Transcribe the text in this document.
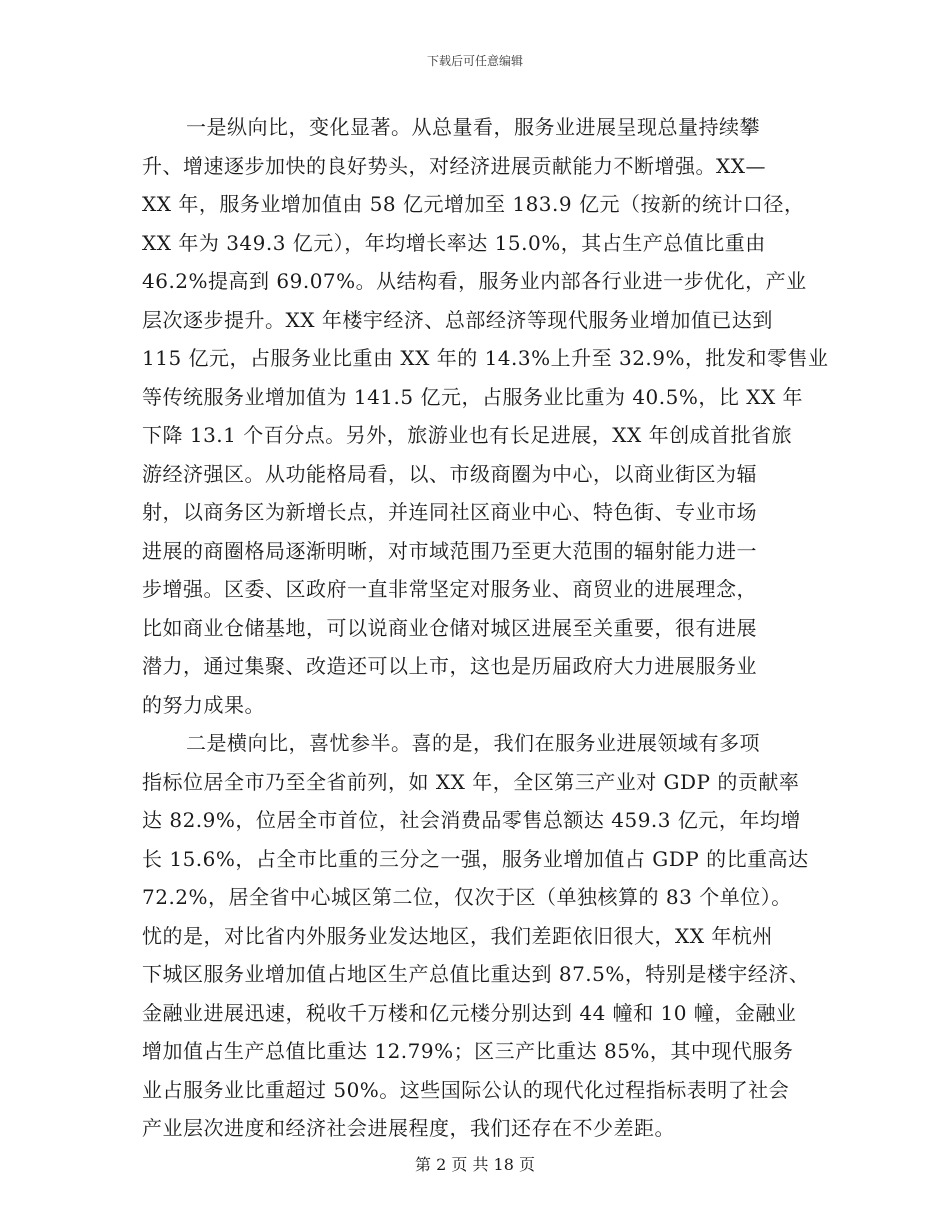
下载后可任意编辑
一是纵向比，变化显著。从总量看，服务业进展呈现总量持续攀
升、增速逐步加快的良好势头，对经济进展贡献能力不断增强。XX—
XX 年，服务业增加值由 58 亿元增加至 183.9 亿元（按新的统计口径，
XX 年为 349.3 亿元），年均增长率达 15.0%，其占生产总值比重由
46.2%提高到 69.07%。从结构看，服务业内部各行业进一步优化，产业
层次逐步提升。XX 年楼宇经济、总部经济等现代服务业增加值已达到
115 亿元，占服务业比重由 XX 年的 14.3%上升至 32.9%，批发和零售业
等传统服务业增加值为 141.5 亿元，占服务业比重为 40.5%，比 XX 年
下降 13.1 个百分点。另外，旅游业也有长足进展，XX 年创成首批省旅
游经济强区。从功能格局看，以、市级商圈为中心，以商业街区为辐
射，以商务区为新增长点，并连同社区商业中心、特色街、专业市场
进展的商圈格局逐渐明晰，对市域范围乃至更大范围的辐射能力进一
步增强。区委、区政府一直非常坚定对服务业、商贸业的进展理念，
比如商业仓储基地，可以说商业仓储对城区进展至关重要，很有进展
潜力，通过集聚、改造还可以上市，这也是历届政府大力进展服务业
的努力成果。
二是横向比，喜忧参半。喜的是，我们在服务业进展领域有多项
指标位居全市乃至全省前列，如 XX 年，全区第三产业对 GDP 的贡献率
达 82.9%，位居全市首位，社会消费品零售总额达 459.3 亿元，年均增
长 15.6%，占全市比重的三分之一强，服务业增加值占 GDP 的比重高达
72.2%，居全省中心城区第二位，仅次于区（单独核算的 83 个单位）。
忧的是，对比省内外服务业发达地区，我们差距依旧很大，XX 年杭州
下城区服务业增加值占地区生产总值比重达到 87.5%，特别是楼宇经济、
金融业进展迅速，税收千万楼和亿元楼分别达到 44 幢和 10 幢，金融业
增加值占生产总值比重达 12.79%；区三产比重达 85%，其中现代服务
业占服务业比重超过 50%。这些国际公认的现代化过程指标表明了社会
产业层次进度和经济社会进展程度，我们还存在不少差距。
第 2 页 共 18 页
